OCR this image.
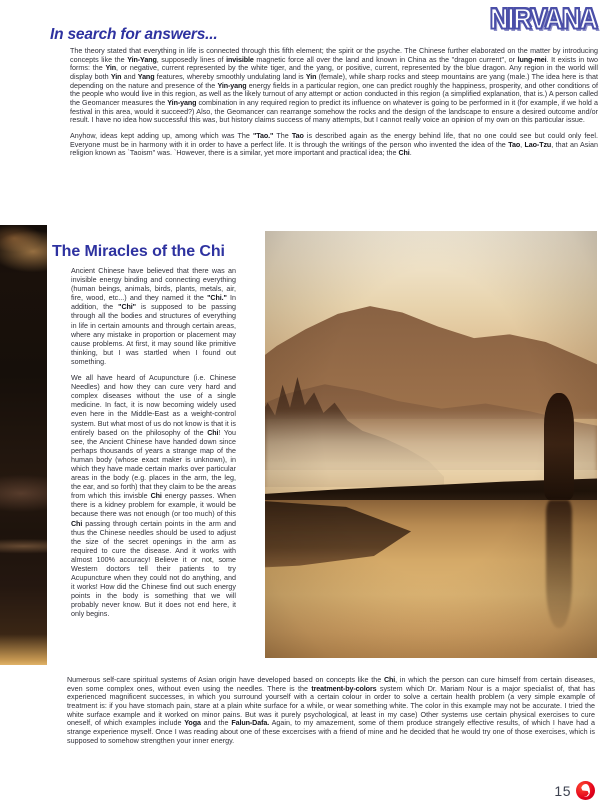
NIRVANA
In search for answers...

The theory stated that everything in life is connected through this fifth element; the spirit or the psyche. The Chinese further elaborated on the matter by introducing concepts like the Yin-Yang, supposedly lines of invisible magnetic force all over the land and known in China as the "dragon current", or lung-mei. It exists in two forms: the Yin, or negative, current represented by the white tiger, and the yang, or positive, current, represented by the blue dragon. Any region in the world will display both Yin and Yang features, whereby smoothly undulating land is Yin (female), while sharp rocks and steep mountains are yang (male.) The idea here is that depending on the nature and presence of the Yin-yang energy fields in a particular region, one can predict roughly the happiness, prosperity, and other conditions of the people who would live in this region, as well as the likely turnout of any attempt or action conducted in this region (a simplified explanation, that is.) A person called the Geomancer measures the Yin-yang combination in any required region to predict its influence on whatever is going to be performed in it (for example, if we hold a festival in this area, would it succeed?) Also, the Geomancer can rearrange somehow the rocks and the design of the landscape to ensure a desired outcome and/or result. I have no idea how successful this was, but history claims success of many attempts, but I cannot really voice an opinion of my own on this particular issue.

Anyhow, ideas kept adding up, among which was The "Tao." The Tao is described again as the energy behind life, that no one could see but could only feel. Everyone must be in harmony with it in order to have a perfect life. It is through the writings of the person who invented the idea of the Tao, Lao-Tzu, that an Asian religion known as `Taoism" was. `However, there is a similar, yet more important and practical idea; the Chi.

The Miracles of the Chi

Ancient Chinese have believed that there was an invisible energy binding and connecting everything (human beings, animals, birds, plants, metals, air, fire, wood, etc...) and they named it the "Chi." In addition, the "Chi" is supposed to be passing through all the bodies and structures of everything in life in certain amounts and through certain areas, where any mistake in proportion or placement may cause problems. At first, it may sound like primitive thinking, but I was startled when I found out something.

We all have heard of Acupuncture (i.e. Chinese Needles) and how they can cure very hard and complex diseases without the use of a single medicine. In fact, it is now becoming widely used even here in the Middle-East as a weight-control system. But what most of us do not know is that it is entirely based on the philosophy of the Chi! You see, the Ancient Chinese have handed down since perhaps thousands of years a strange map of the human body (whose exact maker is unknown), in which they have made certain marks over particular areas in the body (e.g. places in the arm, the leg, the ear, and so forth) that they claim to be the areas from which this invisble Chi energy passes. When there is a kidney problem for example, it would be because there was not enough (or too much) of this Chi passing through certain points in the arm and thus the Chinese needles should be used to adjust the size of the secret openings in the arm as required to cure the disease. And it works with almost 100% accuracy! Believe it or not, some Western doctors tell their patients to try Acupuncture when they could not do anything, and it works! How did the Chinese find out such energy points in the body is something that we will probably never know. But it does not end here, it only begins.

Numerous self-care spiritual systems of Asian origin have developed based on concepts like the Chi, in which the person can cure himself from certain diseases, even some complex ones, without even using the needles. There is the treatment-by-colors system which Dr. Mariam Nour is a major specialist of, that has experienced magnificent successes, in which you surround yourself with a certain colour in order to solve a certain health problem (a very simple example of treatment is: if you have stomach pain, stare at a plain white surface for a while, or wear something white. The color in this example may not be accurate. I tried the white surface example and it worked on minor pains. But was it purely psychological, at least in my case) Other systems use certain physical exercises to cure oneself, of which examples include Yoga and the Falun-Dafa. Again, to my amazement, some of them produce strangely effective results, of which I have had a strange experience myself. Once I was reading about one of these excercises with a friend of mine and he decided that he would try one of those exercises, which is supposed to somehow strengthen your inner energy.

15
